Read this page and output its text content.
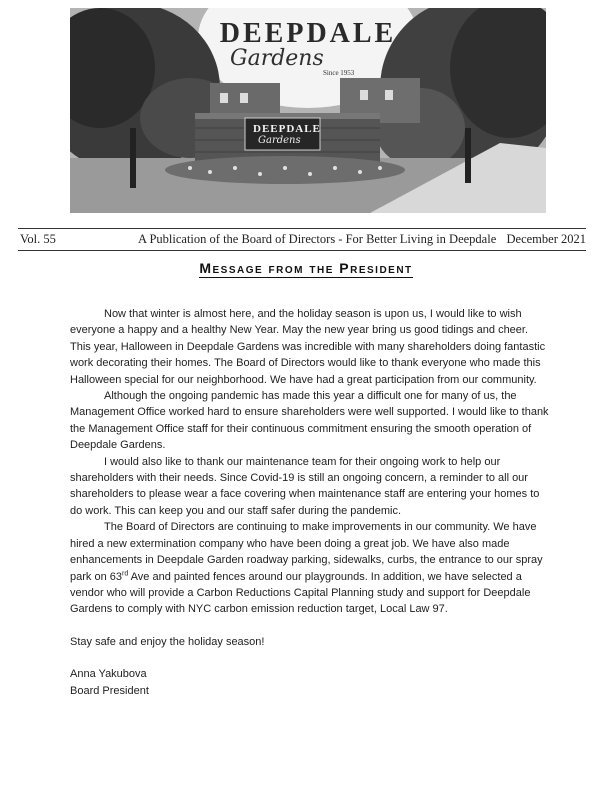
DEEPDALE
Gardens
Since 1953
DEEPDALE
Gardens
Vol. 55	A Publication of the Board of Directors - For Better Living in Deepdale December 2021
Message from the President

Now that winter is almost here, and the holiday season is upon us, I would like to wish everyone a happy and a healthy New Year. May the new year bring us good tidings and cheer. This year, Halloween in Deepdale Gardens was incredible with many shareholders doing fantastic work decorating their homes. The Board of Directors would like to thank everyone who made this Halloween special for our neighborhood. We have had a great participation from our community.

Although the ongoing pandemic has made this year a difficult one for many of us, the Management Office worked hard to ensure shareholders were well supported. I would like to thank the Management Office staff for their continuous commitment ensuring the smooth operation of Deepdale Gardens.

I would also like to thank our maintenance team for their ongoing work to help our shareholders with their needs. Since Covid-19 is still an ongoing concern, a reminder to all our shareholders to please wear a face covering when maintenance staff are entering your homes to do work. This can keep you and our staff safer during the pandemic.

The Board of Directors are continuing to make improvements in our community. We have hired a new extermination company who have been doing a great job. We have also made enhancements in Deepdale Garden roadway parking, sidewalks, curbs, the entrance to our spray park on 63rd Ave and painted fences around our playgrounds. In addition, we have selected a vendor who will provide a Carbon Reductions Capital Planning study and support for Deepdale Gardens to comply with NYC carbon emission reduction target, Local Law 97.

Stay safe and enjoy the holiday season!

Anna Yakubova

Board President
